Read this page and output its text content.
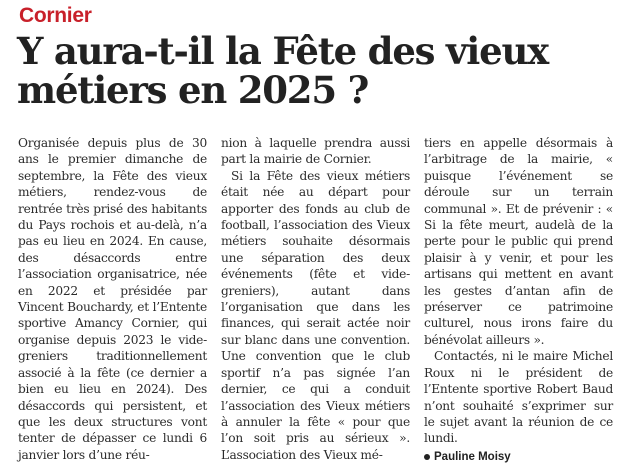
Cornier
Y aura-t-il la Fête des vieux métiers en 2025 ?

Organisée depuis plus de 30 ans le premier dimanche de septembre, la Fête des vieux métiers, rendez-vous de rentrée très prisé des habitants du Pays rochois et au-delà, n’a pas eu lieu en 2024. En cause, des désaccords entre l’association organisatrice, née en 2022 et présidée par Vincent Bouchardy, et l’Entente sportive Amancy Cornier, qui organise depuis 2023 le vide-greniers traditionnellement associé à la fête (ce dernier a bien eu lieu en 2024). Des désaccords qui persistent, et que les deux structures vont tenter de dépasser ce lundi 6 janvier lors d’une réu-

nion à laquelle prendra aussi part la mairie de Cornier.

Si la Fête des vieux métiers était née au départ pour apporter des fonds au club de football, l’association des Vieux métiers souhaite désormais une séparation des deux événements (fête et vide-greniers), autant dans l’organisation que dans les finances, qui serait actée noir sur blanc dans une convention. Une convention que le club sportif n’a pas signée l’an dernier, ce qui a conduit l’association des Vieux métiers à annuler la fête « pour que l’on soit pris au sérieux ». L’association des Vieux mé-

tiers en appelle désormais à l’arbitrage de la mairie, « puisque l’événement se déroule sur un terrain communal ». Et de prévenir : « Si la fête meurt, audelà de la perte pour le public qui prend plaisir à y venir, et pour les artisans qui mettent en avant les gestes d’antan afin de préserver ce patrimoine culturel, nous irons faire du bénévolat ailleurs ».

Contactés, ni le maire Michel Roux ni le président de l’Entente sportive Robert Baud n’ont souhaité s’exprimer sur le sujet avant la réunion de ce lundi.

Pauline Moisy
